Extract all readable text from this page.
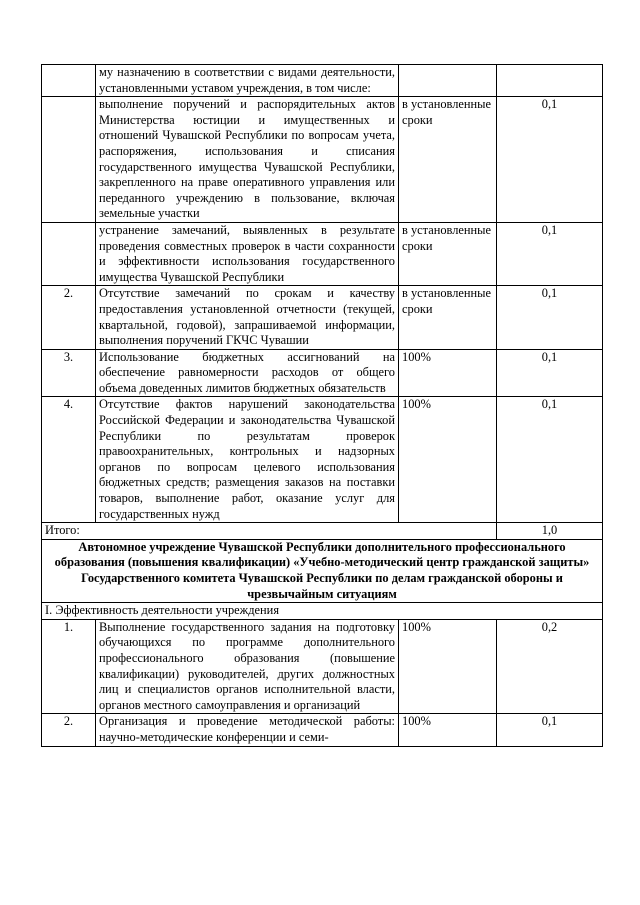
	му назначению в соответствии с видами деятельности, установленными уставом учреждения, в том числе:		
	выполнение поручений и распорядительных актов Министерства юстиции и имущественных и отношений Чувашской Республики по вопросам учета, распоряжения, использования и списания государственного имущества Чувашской Республики, закрепленного на праве оперативного управления или переданного учреждению в пользование, включая земельные участки	в установленные сроки	0,1
	устранение замечаний, выявленных в результате проведения совместных проверок в части сохранности и эффективности использования государственного имущества Чувашской Республики	в установленные сроки	0,1
2.	Отсутствие замечаний по срокам и качеству предоставления установленной отчетности (текущей, квартальной, годовой), запрашиваемой информации, выполнения поручений ГКЧС Чувашии	в установленные сроки	0,1
3.	Использование бюджетных ассигнований на обеспечение равномерности расходов от общего объема доведенных лимитов бюджетных обязательств	100%	0,1
4.	Отсутствие фактов нарушений законодательства Российской Федерации и законодательства Чувашской Республики по результатам проверок правоохранительных, контрольных и надзорных органов по вопросам целевого использования бюджетных средств; размещения заказов на поставки товаров, выполнение работ, оказание услуг для государственных нужд	100%	0,1
Итого:			1,0
Автономное учреждение Чувашской Республики дополнительного профессионального образования (повышения квалификации) «Учебно-методический центр гражданской защиты» Государственного комитета Чувашской Республики по делам гражданской обороны и чрезвычайным ситуациям			
I. Эффективность деятельности учреждения			
1.	Выполнение государственного задания на подготовку обучающихся по программе дополнительного профессионального образования (повышение квалификации) руководителей, других должностных лиц и специалистов органов исполнительной власти, органов местного самоуправления и организаций	100%	0,2
2.	Организация и проведение методической работы: научно-методические конференции и семи-	100%	0,1
